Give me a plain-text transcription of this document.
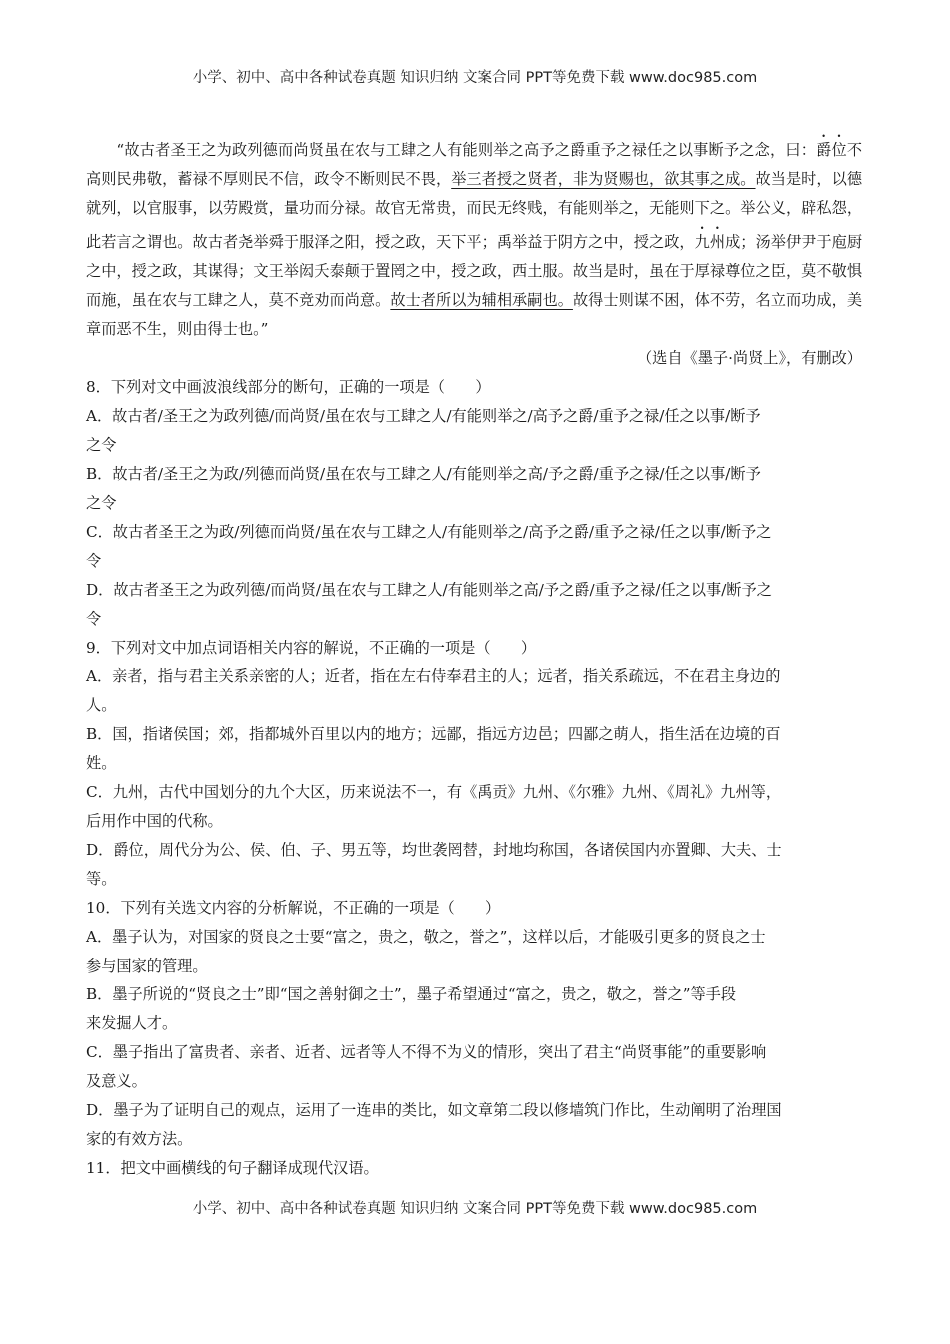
小学、初中、高中各种试卷真题 知识归纳 文案合同 PPT等免费下载 www.doc985.com

“故古者圣王之为政列德而尚贤虽在农与工肆之人有能则举之高予之爵重予之禄任之以事断予之念，曰：爵位不高则民弗敬，蓄禄不厚则民不信，政令不断则民不畏，举三者授之贤者，非为贤赐也，欲其事之成。故当是时，以德就列，以官服事，以劳殿赏，量功而分禄。故官无常贵，而民无终贱，有能则举之，无能则下之。举公义，辟私怨，此若言之谓也。故古者尧举舜于服泽之阳，授之政，天下平；禹举益于阴方之中，授之政，九州成；汤举伊尹于庖厨之中，授之政，其谋得；文王举闳夭泰颠于置罔之中，授之政，西土服。故当是时，虽在于厚禄尊位之臣，莫不敬惧而施，虽在农与工肆之人，莫不竞劝而尚意。故士者所以为辅相承嗣也。故得士则谋不困，体不劳，名立而功成，美章而恶不生，则由得士也。”

（选自《墨子·尚贤上》，有删改）

8．下列对文中画波浪线部分的断句，正确的一项是（　　）

A．故古者/圣王之为政列德/而尚贤/虽在农与工肆之人/有能则举之/高予之爵/重予之禄/任之以事/断予

之令

B．故古者/圣王之为政/列德而尚贤/虽在农与工肆之人/有能则举之高/予之爵/重予之禄/任之以事/断予

之令

C．故古者圣王之为政/列德而尚贤/虽在农与工肆之人/有能则举之/高予之爵/重予之禄/任之以事/断予之

令

D．故古者圣王之为政列德/而尚贤/虽在农与工肆之人/有能则举之高/予之爵/重予之禄/任之以事/断予之

令

9．下列对文中加点词语相关内容的解说，不正确的一项是（　　）

A．亲者，指与君主关系亲密的人；近者，指在左右侍奉君主的人；远者，指关系疏远，不在君主身边的

人。

B．国，指诸侯国；郊，指都城外百里以内的地方；远鄙，指远方边邑；四鄙之萌人，指生活在边境的百

姓。

C．九州，古代中国划分的九个大区，历来说法不一，有《禹贡》九州、《尔雅》九州、《周礼》九州等，

后用作中国的代称。

D．爵位，周代分为公、侯、伯、子、男五等，均世袭罔替，封地均称国，各诸侯国内亦置卿、大夫、士

等。

10．下列有关选文内容的分析解说，不正确的一项是（　　）

A．墨子认为，对国家的贤良之士要“富之，贵之，敬之，誉之”，这样以后，才能吸引更多的贤良之士

参与国家的管理。

B．墨子所说的“贤良之士”即“国之善射御之士”，墨子希望通过“富之，贵之，敬之，誉之”等手段

来发掘人才。

C．墨子指出了富贵者、亲者、近者、远者等人不得不为义的情形，突出了君主“尚贤事能”的重要影响

及意义。

D．墨子为了证明自己的观点，运用了一连串的类比，如文章第二段以修墙筑门作比，生动阐明了治理国

家的有效方法。

11．把文中画横线的句子翻译成现代汉语。

小学、初中、高中各种试卷真题 知识归纳 文案合同 PPT等免费下载 www.doc985.com
